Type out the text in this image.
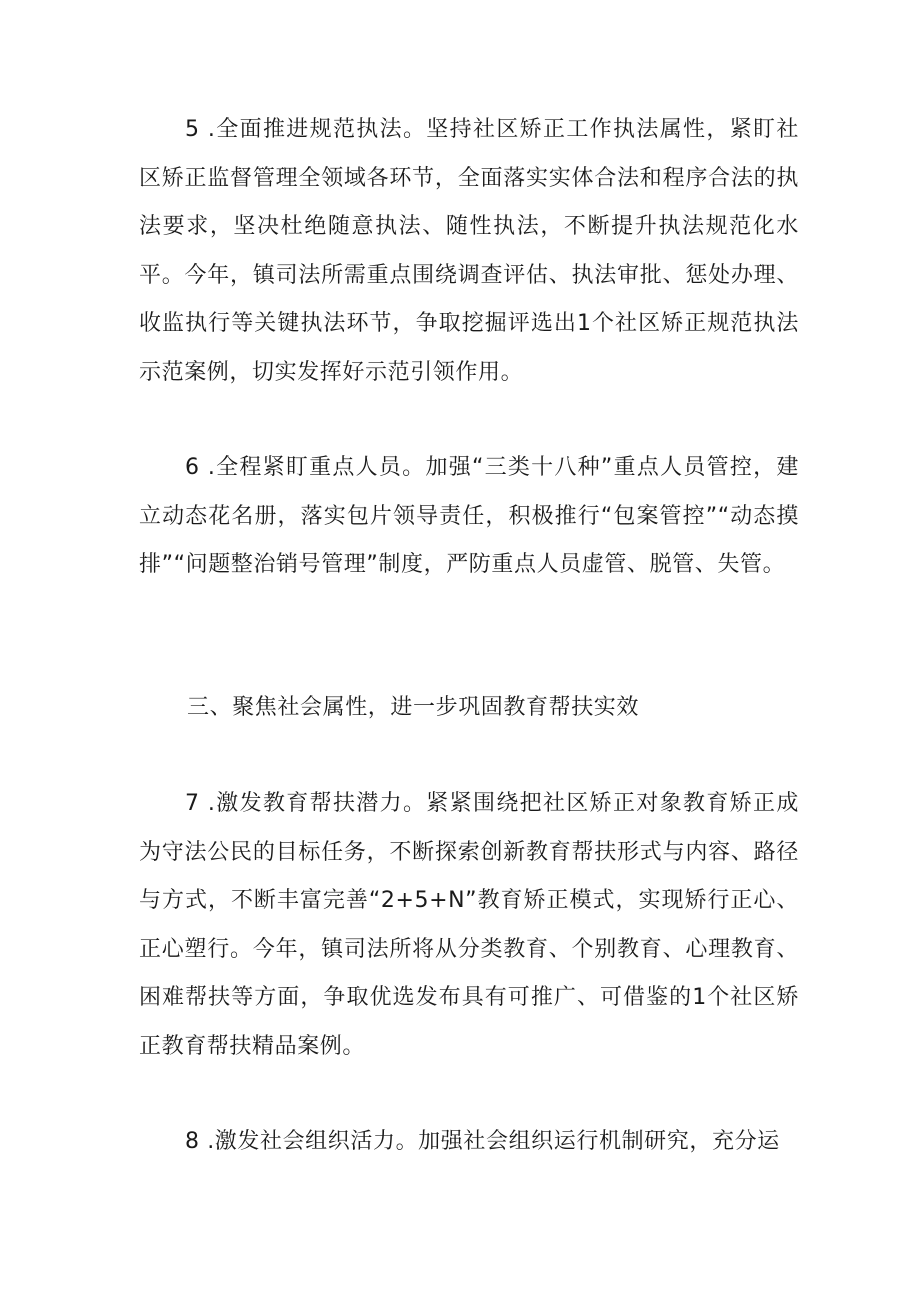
5 .全面推进规范执法。坚持社区矫正工作执法属性，紧盯社区矫正监督管理全领域各环节，全面落实实体合法和程序合法的执法要求，坚决杜绝随意执法、随性执法，不断提升执法规范化水平。今年，镇司法所需重点围绕调查评估、执法审批、惩处办理、收监执行等关键执法环节，争取挖掘评选出1个社区矫正规范执法示范案例，切实发挥好示范引领作用。

6 .全程紧盯重点人员。加强“三类十八种”重点人员管控，建立动态花名册，落实包片领导责任，积极推行“包案管控”“动态摸排”“问题整治销号管理”制度，严防重点人员虚管、脱管、失管。

三、聚焦社会属性，进一步巩固教育帮扶实效

7 .激发教育帮扶潜力。紧紧围绕把社区矫正对象教育矫正成为守法公民的目标任务，不断探索创新教育帮扶形式与内容、路径与方式，不断丰富完善“2+5+N”教育矫正模式，实现矫行正心、正心塑行。今年，镇司法所将从分类教育、个别教育、心理教育、困难帮扶等方面，争取优选发布具有可推广、可借鉴的1个社区矫正教育帮扶精品案例。

8 .激发社会组织活力。加强社会组织运行机制研究，充分运
